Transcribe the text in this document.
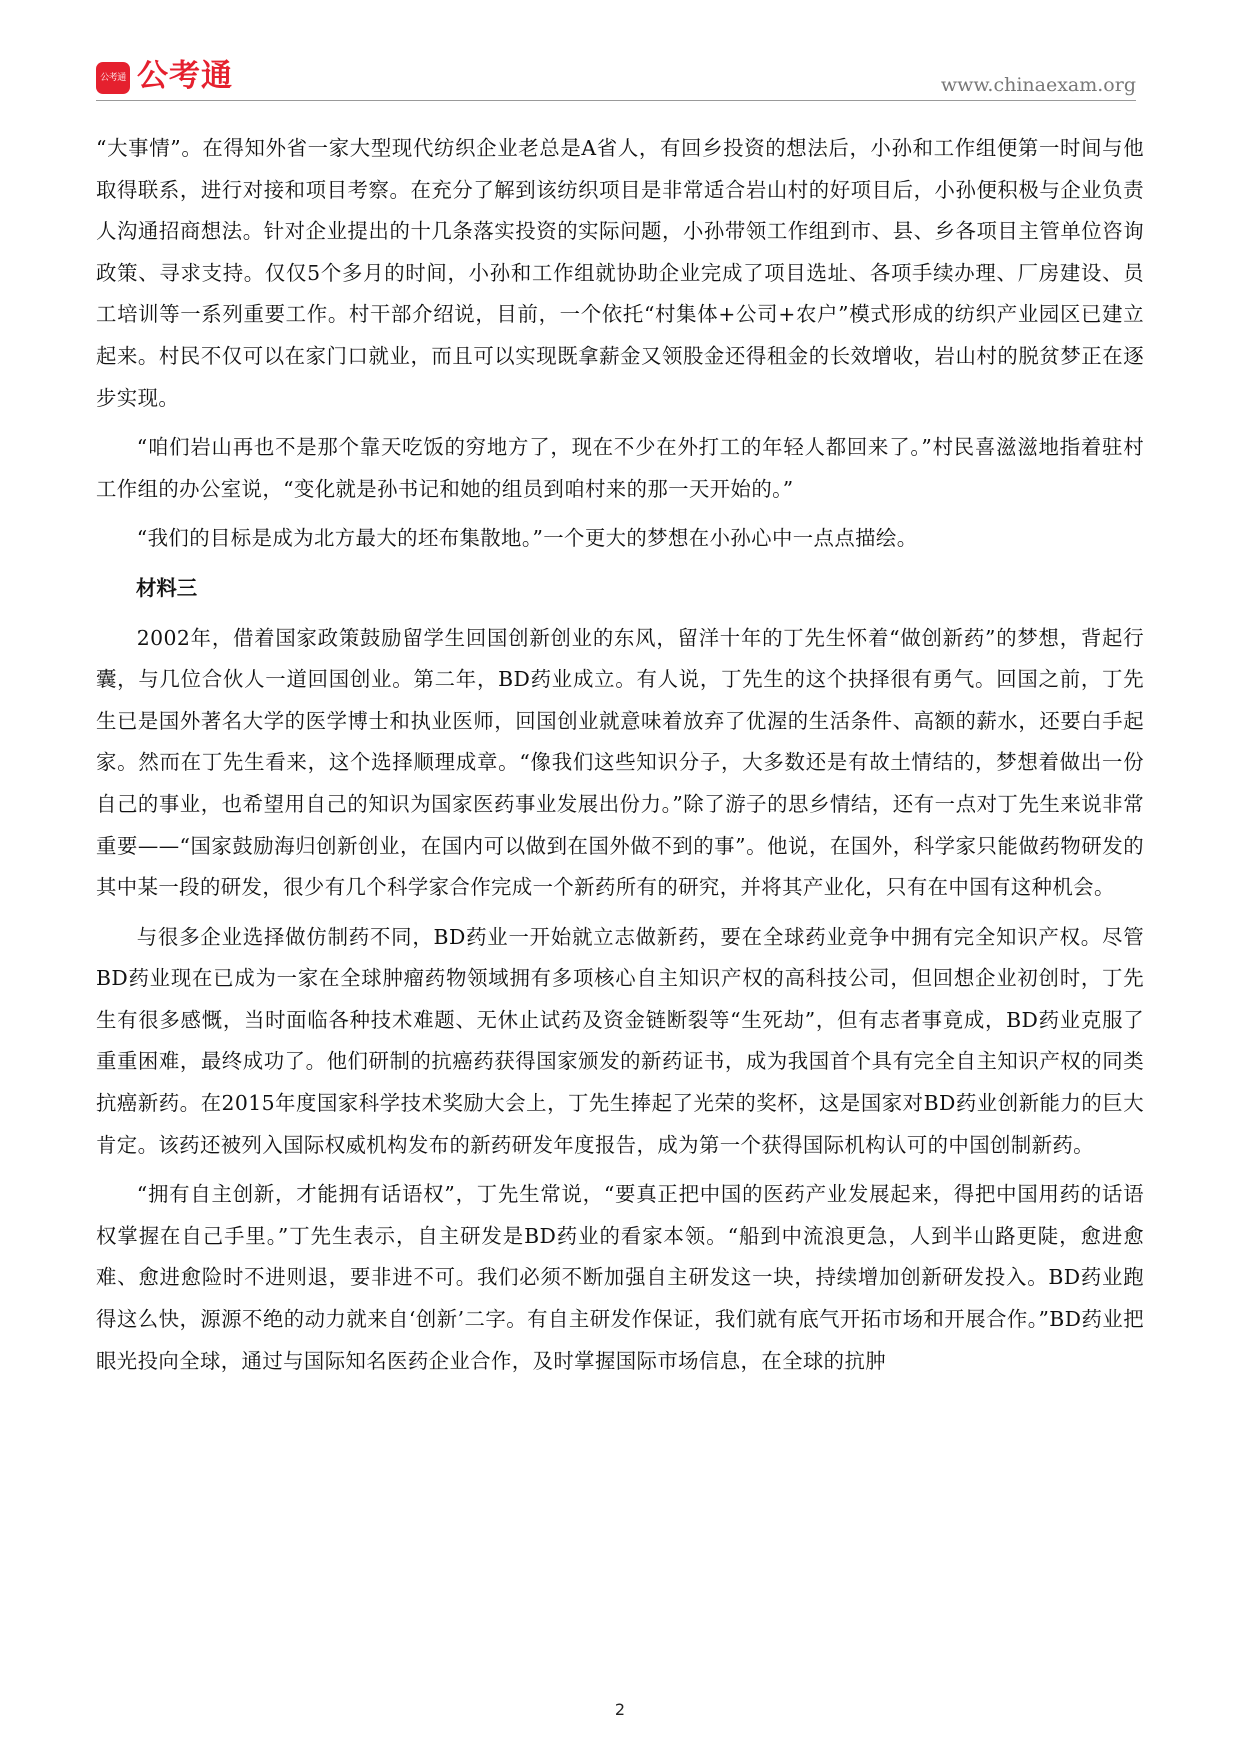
公考通 公考通	www.chinaexam.org

“大事情”。在得知外省一家大型现代纺织企业老总是A省人，有回乡投资的想法后，小孙和工作组便第一时间与他取得联系，进行对接和项目考察。在充分了解到该纺织项目是非常适合岩山村的好项目后，小孙便积极与企业负责人沟通招商想法。针对企业提出的十几条落实投资的实际问题，小孙带领工作组到市、县、乡各项目主管单位咨询政策、寻求支持。仅仅5个多月的时间，小孙和工作组就协助企业完成了项目选址、各项手续办理、厂房建设、员工培训等一系列重要工作。村干部介绍说，目前，一个依托“村集体+公司+农户”模式形成的纺织产业园区已建立起来。村民不仅可以在家门口就业，而且可以实现既拿薪金又领股金还得租金的长效增收，岩山村的脱贫梦正在逐步实现。

“咱们岩山再也不是那个靠天吃饭的穷地方了，现在不少在外打工的年轻人都回来了。”村民喜滋滋地指着驻村工作组的办公室说，“变化就是孙书记和她的组员到咱村来的那一天开始的。”

“我们的目标是成为北方最大的坯布集散地。”一个更大的梦想在小孙心中一点点描绘。

材料三

2002年，借着国家政策鼓励留学生回国创新创业的东风，留洋十年的丁先生怀着“做创新药”的梦想，背起行囊，与几位合伙人一道回国创业。第二年，BD药业成立。有人说，丁先生的这个抉择很有勇气。回国之前，丁先生已是国外著名大学的医学博士和执业医师，回国创业就意味着放弃了优渥的生活条件、高额的薪水，还要白手起家。然而在丁先生看来，这个选择顺理成章。“像我们这些知识分子，大多数还是有故土情结的，梦想着做出一份自己的事业，也希望用自己的知识为国家医药事业发展出份力。”除了游子的思乡情结，还有一点对丁先生来说非常重要——“国家鼓励海归创新创业，在国内可以做到在国外做不到的事”。他说，在国外，科学家只能做药物研发的其中某一段的研发，很少有几个科学家合作完成一个新药所有的研究，并将其产业化，只有在中国有这种机会。

与很多企业选择做仿制药不同，BD药业一开始就立志做新药，要在全球药业竞争中拥有完全知识产权。尽管BD药业现在已成为一家在全球肿瘤药物领域拥有多项核心自主知识产权的高科技公司，但回想企业初创时，丁先生有很多感慨，当时面临各种技术难题、无休止试药及资金链断裂等“生死劫”，但有志者事竟成，BD药业克服了重重困难，最终成功了。他们研制的抗癌药获得国家颁发的新药证书，成为我国首个具有完全自主知识产权的同类抗癌新药。在2015年度国家科学技术奖励大会上，丁先生捧起了光荣的奖杯，这是国家对BD药业创新能力的巨大肯定。该药还被列入国际权威机构发布的新药研发年度报告，成为第一个获得国际机构认可的中国创制新药。

“拥有自主创新，才能拥有话语权”，丁先生常说，“要真正把中国的医药产业发展起来，得把中国用药的话语权掌握在自己手里。”丁先生表示，自主研发是BD药业的看家本领。“船到中流浪更急，人到半山路更陡，愈进愈难、愈进愈险时不进则退，要非进不可。我们必须不断加强自主研发这一块，持续增加创新研发投入。BD药业跑得这么快，源源不绝的动力就来自‘创新’二字。有自主研发作保证，我们就有底气开拓市场和开展合作。”BD药业把眼光投向全球，通过与国际知名医药企业合作，及时掌握国际市场信息，在全球的抗肿

2
